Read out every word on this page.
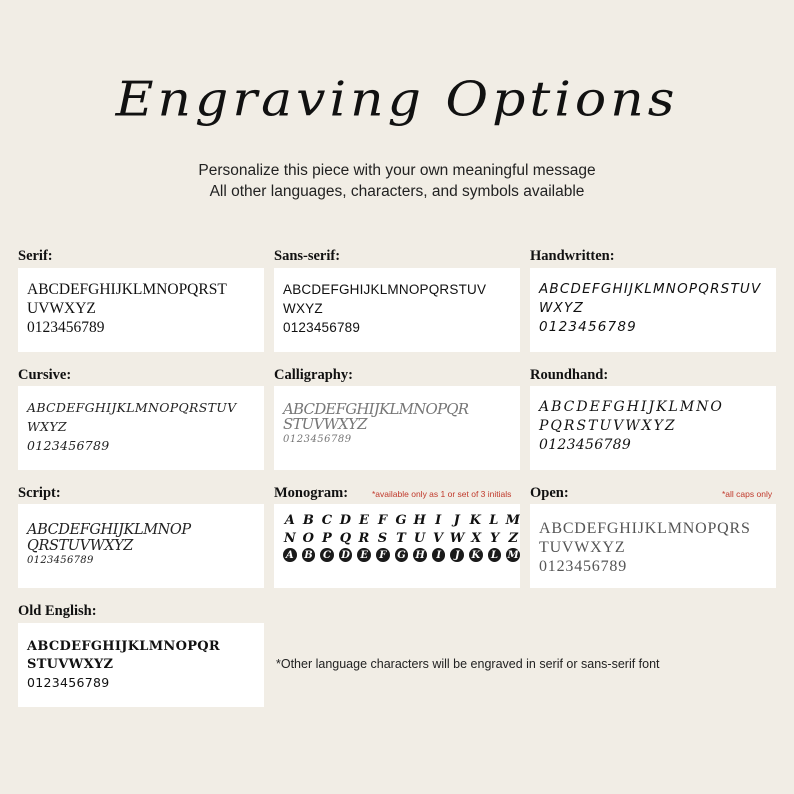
Engraving Options
Personalize this piece with your own meaningful message
All other languages, characters, and symbols available
Serif:
ABCDEFGHIJKLMNOPQRST
UVWXYZ
0123456789
Sans-serif:
ABCDEFGHIJKLMNOPQRSTUV
WXYZ
0123456789
Handwritten:
ABCDEFGHIJKLMNOPQRSTUV
WXYZ
0123456789
Cursive:
ABCDEFGHIJKLMNOPQRSTUV
WXYZ
0123456789
Calligraphy:
ABCDEFGHIJKLMNOPQR
STUVWXYZ
0123456789
Roundhand:
ABCDEFGHIJKLMNO
PQRSTUVWXYZ
0123456789
Script:
ABCDEFGHIJKLMNOP
QRSTUVWXYZ
0123456789
Monogram:	*available only as 1 or set of 3 initials
A B C D E F G H I J K L M
N O P Q R S T U V W X Y Z
A B C D E	F	G H	I	J	K	L M
Open:	*all caps only
ABCDEFGHIJKLMNOPQRS
TUVWXYZ
0123456789
Old English:
ABCDEFGHIJKLMNOPQR
STUVWXYZ
0123456789
*Other language characters will be engraved in serif or sans-serif font
